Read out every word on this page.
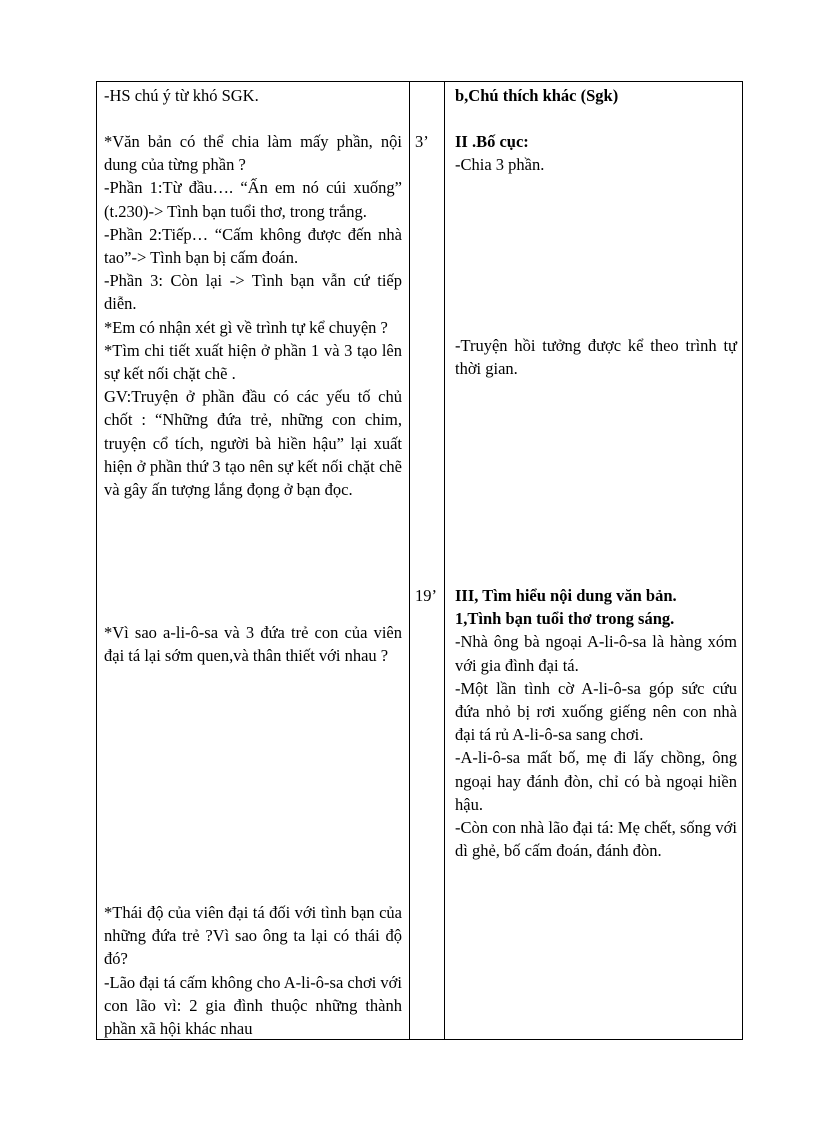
-HS chú ý từ khó SGK.

*Văn bản có thể chia làm mấy phần, nội dung của từng phần ?

-Phần 1:Từ đầu…. “Ấn em nó cúi xuống” (t.230)-> Tình bạn tuổi thơ, trong trắng.

-Phần 2:Tiếp… “Cấm không được đến nhà tao”-> Tình bạn bị cấm đoán.

-Phần 3: Còn lại -> Tình bạn vẫn cứ tiếp diễn.

*Em có nhận xét gì về trình tự kể chuyện ?

*Tìm chi tiết xuất hiện ở phần 1 và 3 tạo lên sự kết nối chặt chẽ .

GV:Truyện ở phần đầu có các yếu tố chủ chốt : “Những đứa trẻ, những con chim, truyện cổ tích, người bà hiền hậu” lại xuất hiện ở phần thứ 3 tạo nên sự kết nối chặt chẽ và gây ấn tượng lắng đọng ở bạn đọc.

*Vì sao a-li-ô-sa và 3 đứa trẻ con của viên đại tá lại sớm quen,và thân thiết với nhau ?

*Thái độ của viên đại tá đối với tình bạn của những đứa trẻ ?Vì sao ông ta lại có thái độ đó?

-Lão đại tá cấm không cho A-li-ô-sa chơi với con lão vì: 2 gia đình thuộc những thành phần xã hội khác nhau

3’
19’

b,Chú thích khác (Sgk)

II .Bố cục:

-Chia 3 phần.

-Truyện hồi tưởng được kể theo trình tự thời gian.

III, Tìm hiểu nội dung văn bản.

1,Tình bạn tuổi thơ trong sáng.

-Nhà ông bà ngoại A-li-ô-sa là hàng xóm với gia đình đại tá.

-Một lần tình cờ A-li-ô-sa góp sức cứu đứa nhỏ bị rơi xuống giếng nên con nhà đại tá rủ A-li-ô-sa sang chơi.

-A-li-ô-sa mất bố, mẹ đi lấy chồng, ông ngoại hay đánh đòn, chỉ có bà ngoại hiền hậu.

-Còn con nhà lão đại tá: Mẹ chết, sống với dì ghẻ, bố cấm đoán, đánh đòn.
